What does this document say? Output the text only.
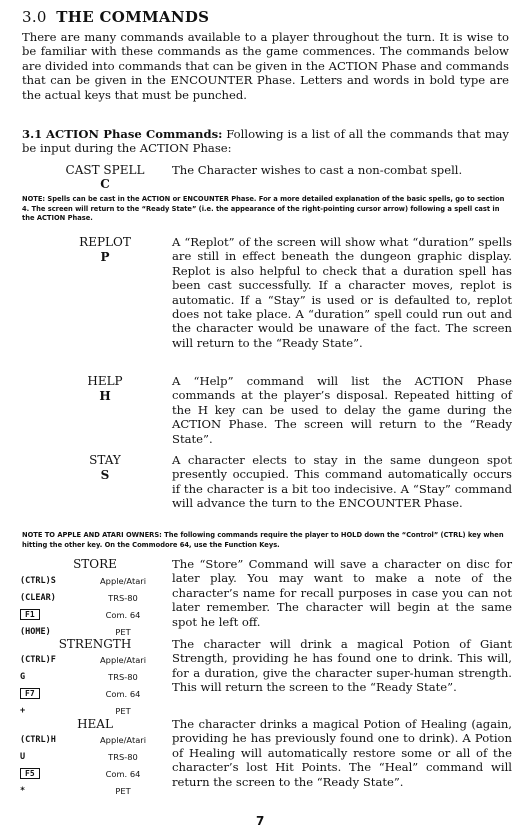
3.0 THE COMMANDS
There are many commands available to a player throughout the turn. It is wise to be familiar with these commands as the game commences. The commands below are divided into commands that can be given in the ACTION Phase and commands that can be given in the ENCOUNTER Phase. Letters and words in bold type are the actual keys that must be punched.
3.1 ACTION Phase Commands: Following is a list of all the commands that may be input during the ACTION Phase:
CAST SPELL
C
The Character wishes to cast a non-combat spell.
NOTE: Spells can be cast in the ACTION or ENCOUNTER Phase. For a more detailed explanation of the basic spells, go to section 4. The screen will return to the “Ready State” (i.e. the appearance of the right-pointing cursor arrow) following a spell cast in the ACTION Phase.
REPLOT
P
A “Replot” of the screen will show what “duration” spells are still in effect beneath the dungeon graphic display. Replot is also helpful to check that a duration spell has been cast successfully. If a character moves, replot is automatic. If a “Stay” is used or is defaulted to, replot does not take place. A “duration” spell could run out and the character would be unaware of the fact. The screen will return to the “Ready State”.
HELP
H
A “Help” command will list the ACTION Phase commands at the player’s disposal. Repeated hitting of the H key can be used to delay the game during the ACTION Phase. The screen will return to the “Ready State”.
STAY
S
A character elects to stay in the same dungeon spot presently occupied. This command automatically occurs if the character is a bit too indecisive. A “Stay” command will advance the turn to the ENCOUNTER Phase.
NOTE TO APPLE AND ATARI OWNERS: The following commands require the player to HOLD down the “Control” (CTRL) key when hitting the other key. On the Commodore 64, use the Function Keys.
STORE
(CTRL)S	Apple/Atari
(CLEAR)	TRS-80
F1	Com. 64
(HOME)	PET
The “Store” Command will save a character on disc for later play. You may want to make a note of the character’s name for recall purposes in case you can not later remember. The character will begin at the same spot he left off.
STRENGTH
(CTRL)F	Apple/Atari
G	TRS-80
F7	Com. 64
+	PET
The character will drink a magical Potion of Giant Strength, providing he has found one to drink. This will, for a duration, give the character super-human strength. This will return the screen to the “Ready State”.
HEAL
(CTRL)H	Apple/Atari
U	TRS-80
F5	Com. 64
*	PET
The character drinks a magical Potion of Healing (again, providing he has previously found one to drink). A Potion of Healing will automatically restore some or all of the character’s lost Hit Points. The “Heal” command will return the screen to the “Ready State”.
7
